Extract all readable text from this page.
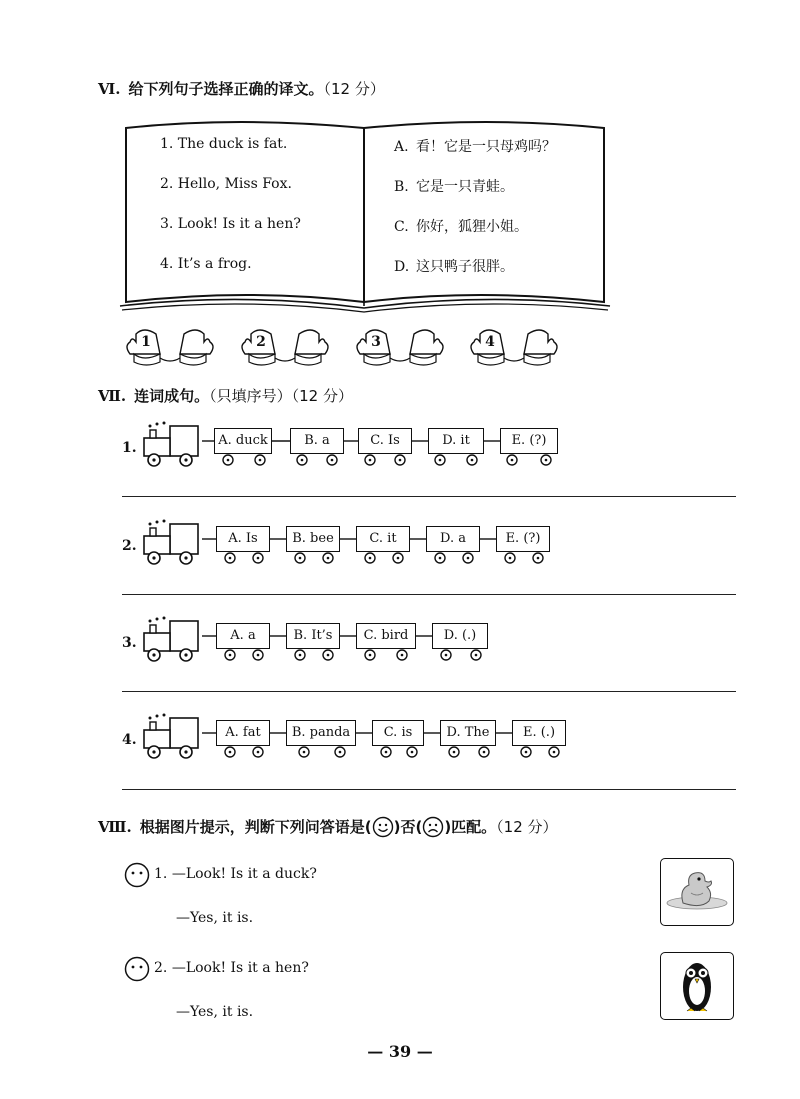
Ⅵ. 给下列句子选择正确的译文。（12 分）
1. The duck is fat.
2. Hello, Miss Fox.
3. Look! Is it a hen?
4. It’s a frog.
A. 看！它是一只母鸡吗？
B. 它是一只青蛙。
C. 你好，狐狸小姐。
D. 这只鸭子很胖。
1	2	3	4
Ⅶ. 连词成句。（只填序号）（12 分）
1.	A. duck	B. a	C. Is	D. it	E. (?)
2.	A. Is	B. bee	C. it	D. a	E. (?)
3.	A. a	B. It’s	C. bird	D. (.)
4.	A. fat	B. panda	C. is	D. The	E. (.)
Ⅷ. 根据图片提示，判断下列问答语是( )否( )匹配。（12 分）
1. —Look! Is it a duck?
—Yes, it is.
2. —Look! Is it a hen?
—Yes, it is.
— 39 —
